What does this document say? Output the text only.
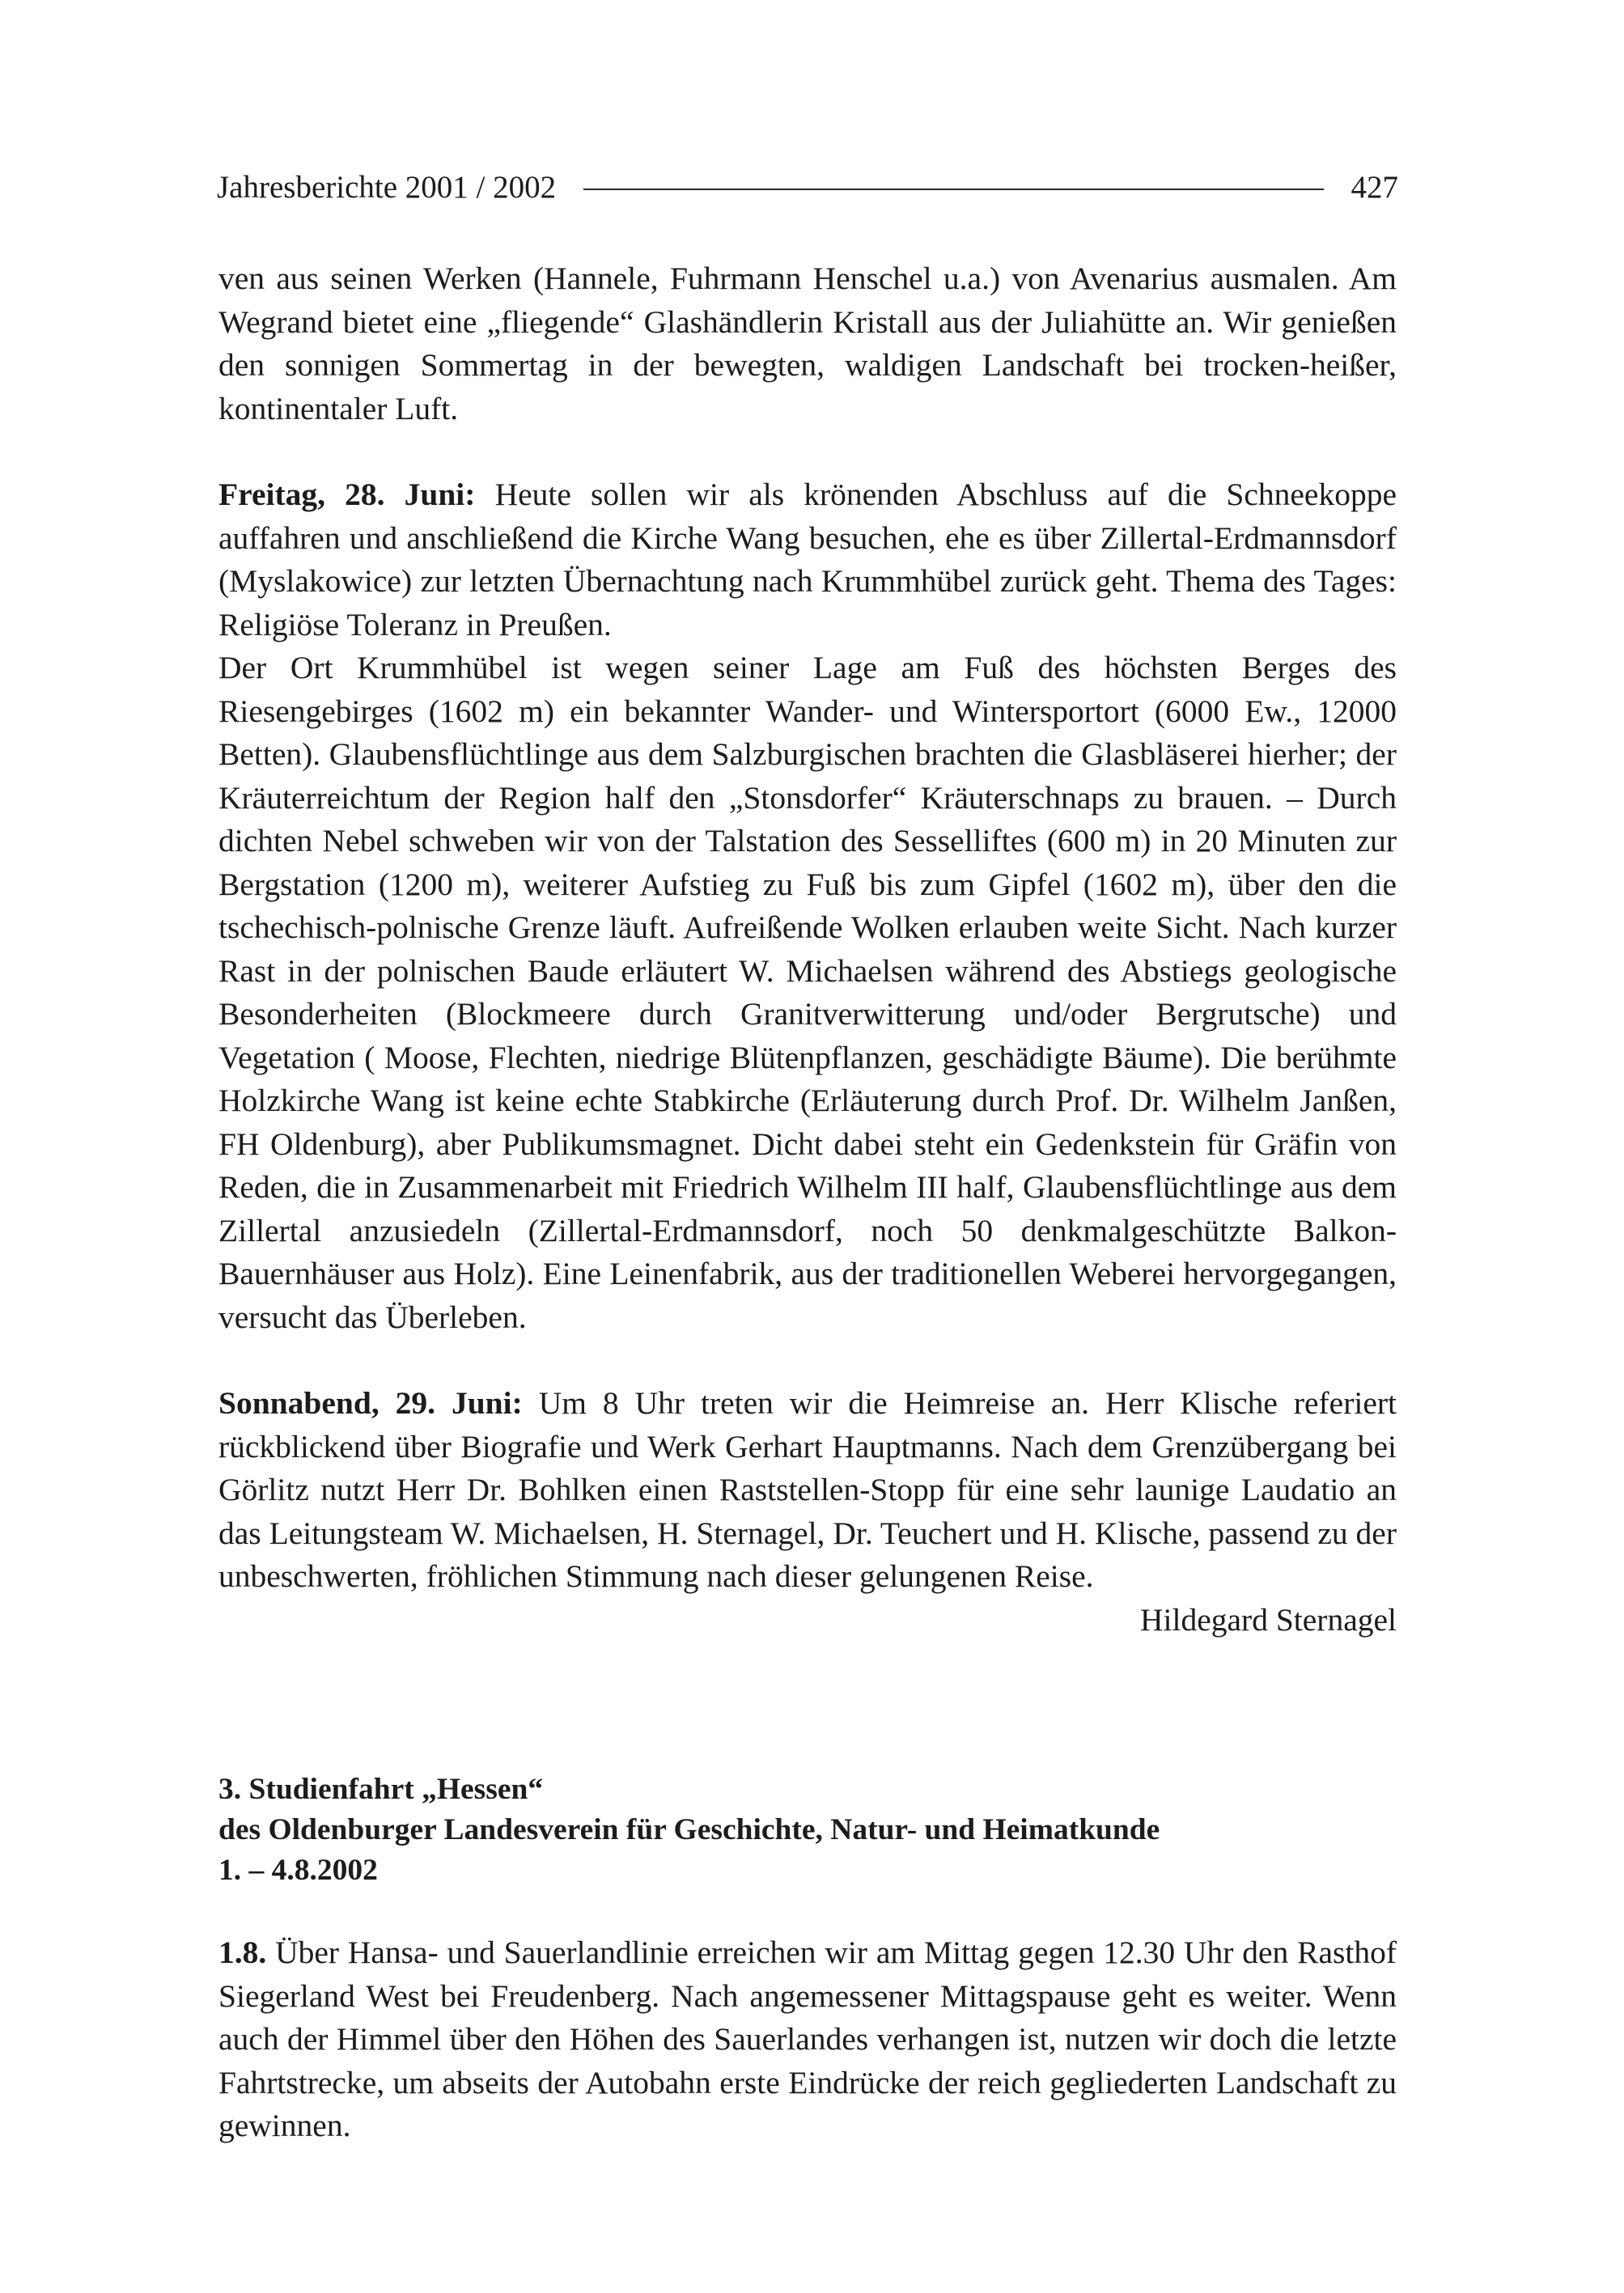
Jahresberichte 2001 / 2002	427

ven aus seinen Werken (Hannele, Fuhrmann Henschel u.a.) von Avenarius ausmalen. Am Wegrand bietet eine „fliegende“ Glashändlerin Kristall aus der Juliahütte an. Wir genießen den sonnigen Sommertag in der bewegten, waldigen Landschaft bei trocken-heißer, kontinentaler Luft.

Freitag, 28. Juni: Heute sollen wir als krönenden Abschluss auf die Schneekoppe auffahren und anschließend die Kirche Wang besuchen, ehe es über Zillertal-Erdmannsdorf (Myslakowice) zur letzten Übernachtung nach Krummhübel zurück geht. Thema des Tages: Religiöse Toleranz in Preußen.

Der Ort Krummhübel ist wegen seiner Lage am Fuß des höchsten Berges des Riesengebirges (1602 m) ein bekannter Wander- und Wintersportort (6000 Ew., 12000 Betten). Glaubensflüchtlinge aus dem Salzburgischen brachten die Glasbläserei hierher; der Kräuterreichtum der Region half den „Stonsdorfer“ Kräuterschnaps zu brauen. – Durch dichten Nebel schweben wir von der Talstation des Sesselliftes (600 m) in 20 Minuten zur Bergstation (1200 m), weiterer Aufstieg zu Fuß bis zum Gipfel (1602 m), über den die tschechisch-polnische Grenze läuft. Aufreißende Wolken erlauben weite Sicht. Nach kurzer Rast in der polnischen Baude erläutert W. Michaelsen während des Abstiegs geologische Besonderheiten (Blockmeere durch Granitverwitterung und/oder Bergrutsche) und Vegetation ( Moose, Flechten, niedrige Blütenpflanzen, geschädigte Bäume). Die berühmte Holzkirche Wang ist keine echte Stabkirche (Erläuterung durch Prof. Dr. Wilhelm Janßen, FH Oldenburg), aber Publikumsmagnet. Dicht dabei steht ein Gedenkstein für Gräfin von Reden, die in Zusammenarbeit mit Friedrich Wilhelm III half, Glaubensflüchtlinge aus dem Zillertal anzusiedeln (Zillertal-Erdmannsdorf, noch 50 denkmalgeschützte Balkon-Bauernhäuser aus Holz). Eine Leinenfabrik, aus der traditionellen Weberei hervorgegangen, versucht das Überleben.

Sonnabend, 29. Juni: Um 8 Uhr treten wir die Heimreise an. Herr Klische referiert rückblickend über Biografie und Werk Gerhart Hauptmanns. Nach dem Grenzübergang bei Görlitz nutzt Herr Dr. Bohlken einen Raststellen-Stopp für eine sehr launige Laudatio an das Leitungsteam W. Michaelsen, H. Sternagel, Dr. Teuchert und H. Klische, passend zu der unbeschwerten, fröhlichen Stimmung nach dieser gelungenen Reise.

Hildegard Sternagel

3. Studienfahrt „Hessen“
des Oldenburger Landesverein für Geschichte, Natur- und Heimatkunde
1. – 4.8.2002

1.8. Über Hansa- und Sauerlandlinie erreichen wir am Mittag gegen 12.30 Uhr den Rasthof Siegerland West bei Freudenberg. Nach angemessener Mittagspause geht es weiter. Wenn auch der Himmel über den Höhen des Sauerlandes verhangen ist, nutzen wir doch die letzte Fahrtstrecke, um abseits der Autobahn erste Eindrücke der reich gegliederten Landschaft zu gewinnen.
